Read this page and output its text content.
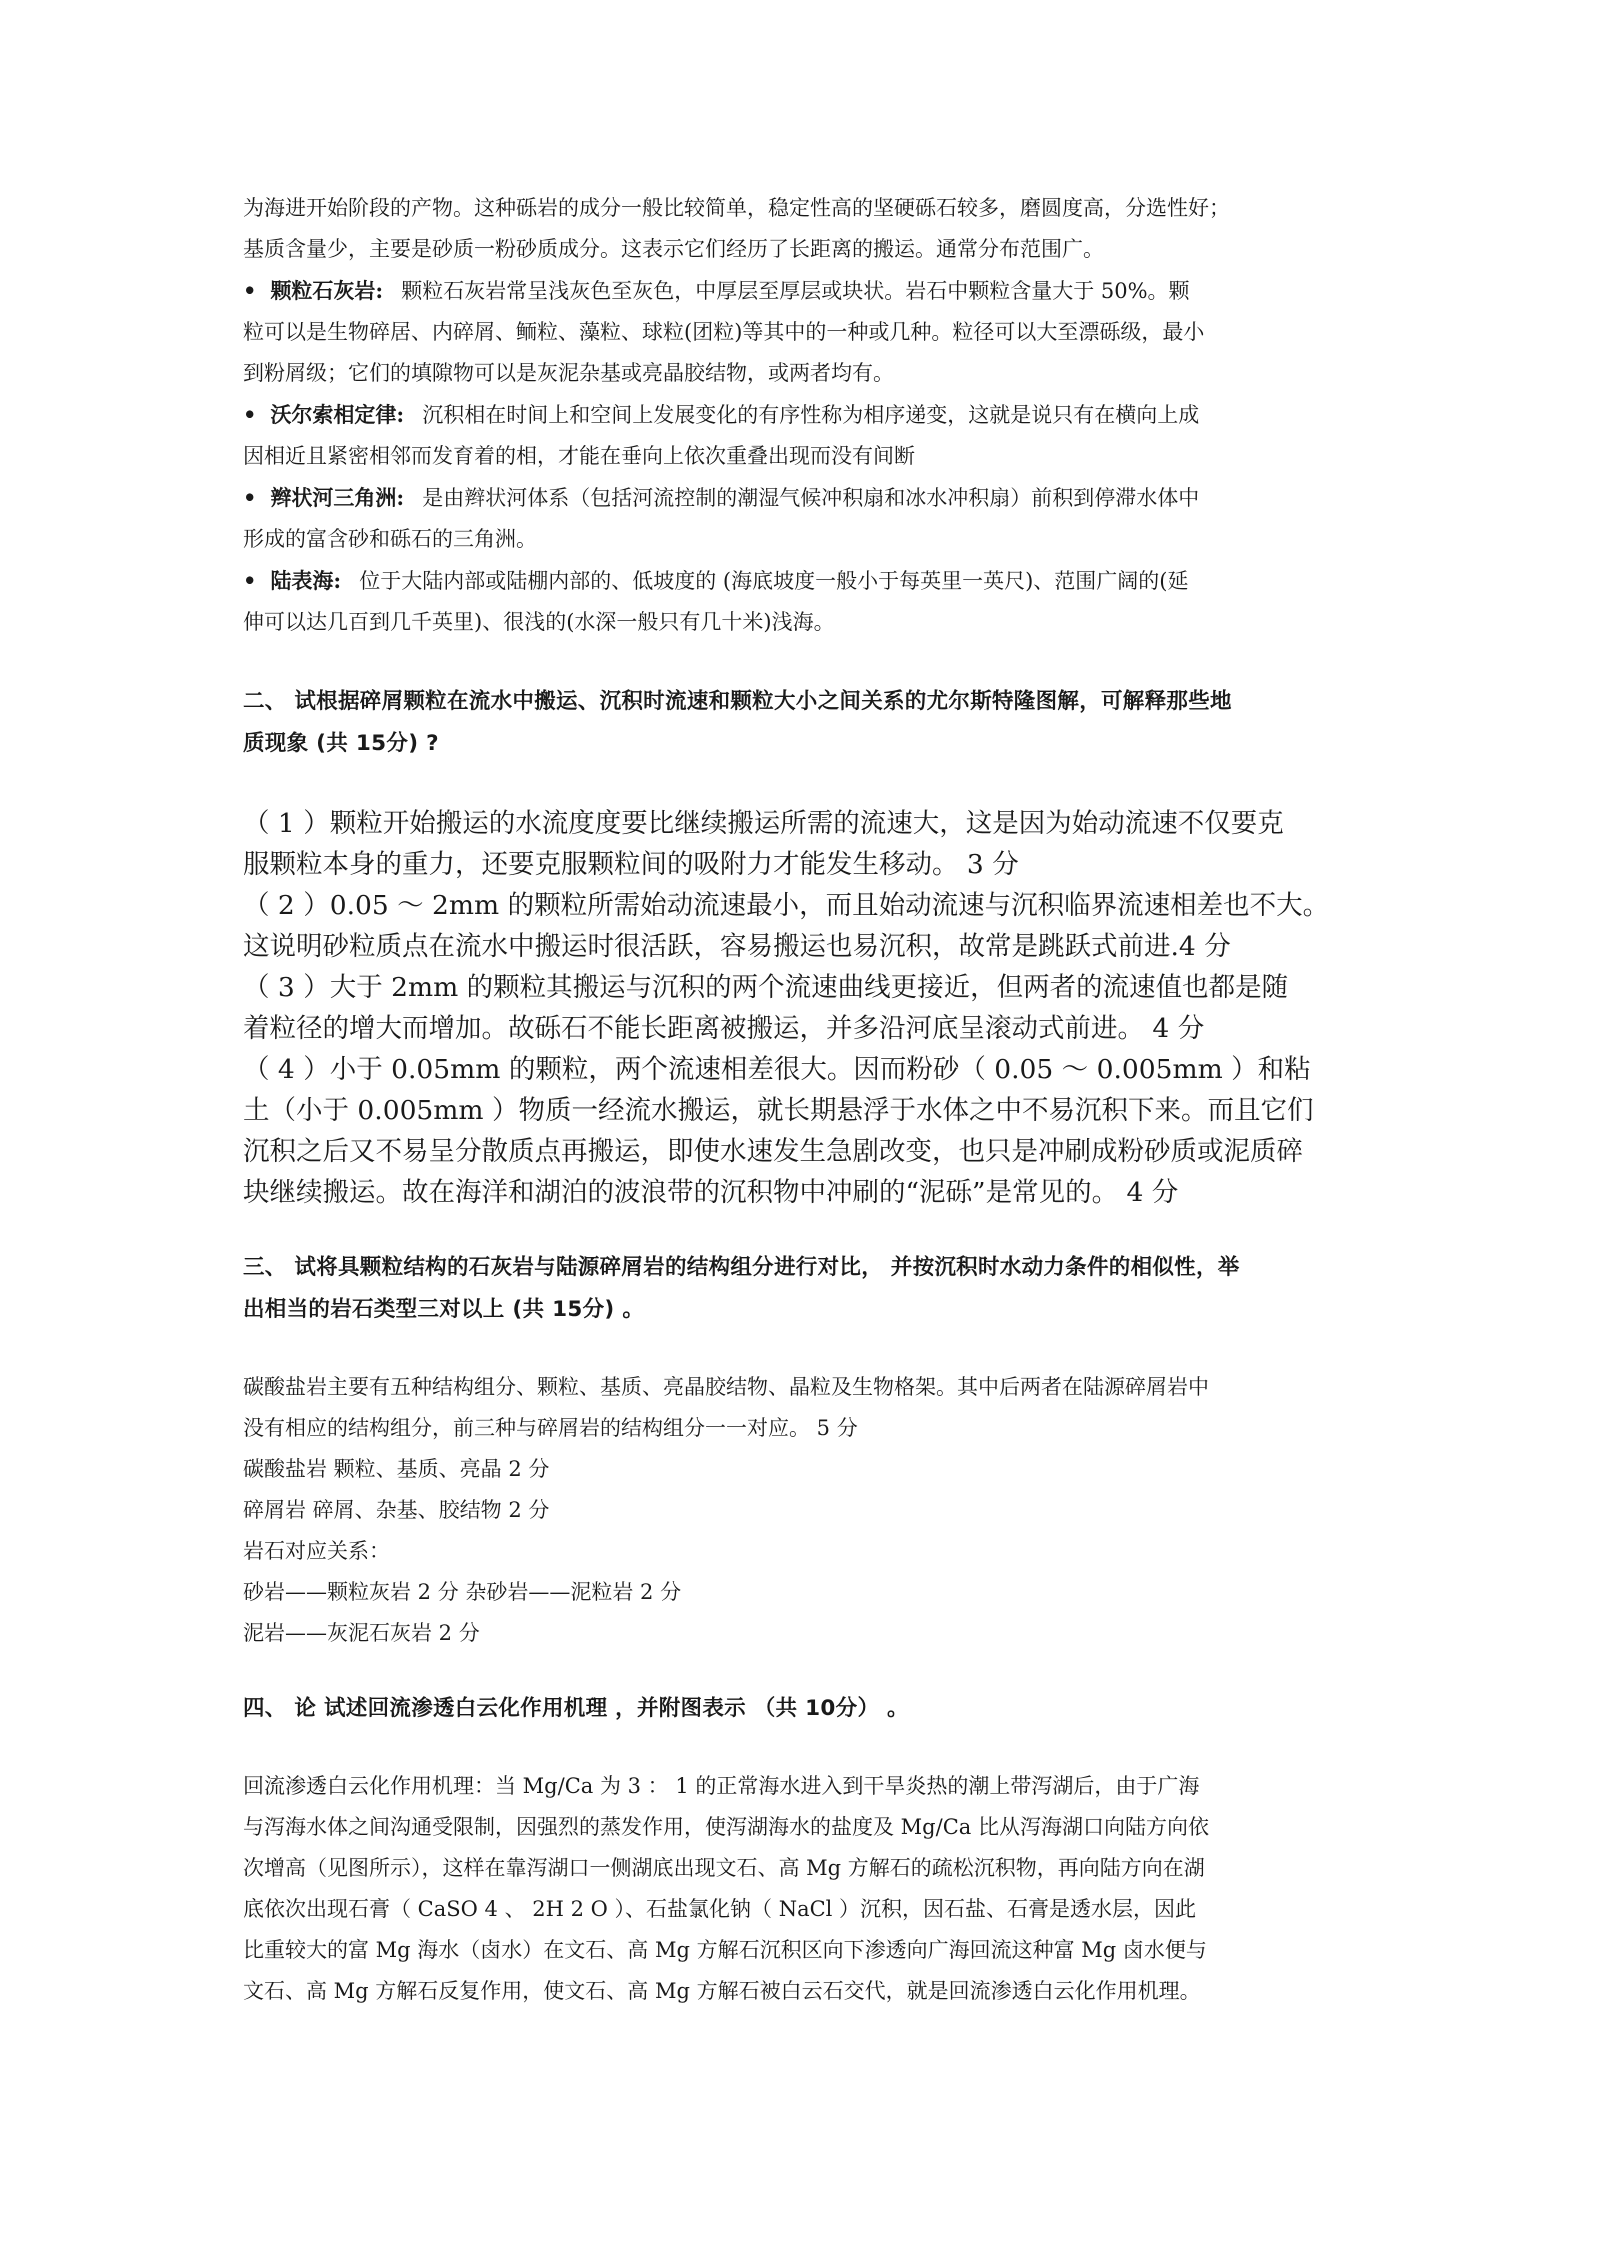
为海进开始阶段的产物。这种砾岩的成分一般比较简单，稳定性高的坚硬砾石较多，磨圆度高，分选性好；

基质含量少，主要是砂质一粉砂质成分。这表示它们经历了长距离的搬运。通常分布范围广。

• 颗粒石灰岩: 颗粒石灰岩常呈浅灰色至灰色，中厚层至厚层或块状。岩石中颗粒含量大于 50%。颗

粒可以是生物碎居、内碎屑、鲕粒、藻粒、球粒(团粒)等其中的一种或几种。粒径可以大至漂砾级，最小

到粉屑级；它们的填隙物可以是灰泥杂基或亮晶胶结物，或两者均有。

• 沃尔索相定律: 沉积相在时间上和空间上发展变化的有序性称为相序递变，这就是说只有在横向上成

因相近且紧密相邻而发育着的相，才能在垂向上依次重叠出现而没有间断

• 辫状河三角洲: 是由辫状河体系（包括河流控制的潮湿气候冲积扇和冰水冲积扇）前积到停滞水体中

形成的富含砂和砾石的三角洲。

• 陆表海: 位于大陆内部或陆棚内部的、低坡度的 (海底坡度一般小于每英里一英尺)、范围广阔的(延

伸可以达几百到几千英里)、很浅的(水深一般只有几十米)浅海。

二、 试根据碎屑颗粒在流水中搬运、沉积时流速和颗粒大小之间关系的尤尔斯特隆图解，可解释那些地

质现象 (共 15分) ?

（ 1 ）颗粒开始搬运的水流度度要比继续搬运所需的流速大，这是因为始动流速不仅要克

服颗粒本身的重力，还要克服颗粒间的吸附力才能发生移动。 3 分

（ 2 ）0.05 ～ 2mm 的颗粒所需始动流速最小，而且始动流速与沉积临界流速相差也不大。

这说明砂粒质点在流水中搬运时很活跃，容易搬运也易沉积，故常是跳跃式前进.4 分

（ 3 ）大于 2mm 的颗粒其搬运与沉积的两个流速曲线更接近，但两者的流速值也都是随

着粒径的增大而增加。故砾石不能长距离被搬运，并多沿河底呈滚动式前进。 4 分

（ 4 ）小于 0.05mm 的颗粒，两个流速相差很大。因而粉砂（ 0.05 ～ 0.005mm ）和粘

土（小于 0.005mm ）物质一经流水搬运，就长期悬浮于水体之中不易沉积下来。而且它们

沉积之后又不易呈分散质点再搬运，即使水速发生急剧改变，也只是冲刷成粉砂质或泥质碎

块继续搬运。故在海洋和湖泊的波浪带的沉积物中冲刷的“泥砾”是常见的。 4 分

三、 试将具颗粒结构的石灰岩与陆源碎屑岩的结构组分进行对比， 并按沉积时水动力条件的相似性，举

出相当的岩石类型三对以上 (共 15分) 。

碳酸盐岩主要有五种结构组分、颗粒、基质、亮晶胶结物、晶粒及生物格架。其中后两者在陆源碎屑岩中

没有相应的结构组分，前三种与碎屑岩的结构组分一一对应。 5 分

碳酸盐岩 颗粒、基质、亮晶 2 分

碎屑岩 碎屑、杂基、胶结物 2 分

岩石对应关系：

砂岩——颗粒灰岩 2 分 杂砂岩——泥粒岩 2 分

泥岩——灰泥石灰岩 2 分

四、 论 试述回流渗透白云化作用机理 ，并附图表示 （共 10分） 。

回流渗透白云化作用机理：当 Mg/Ca 为 3 ： 1 的正常海水进入到干旱炎热的潮上带泻湖后，由于广海

与泻海水体之间沟通受限制，因强烈的蒸发作用，使泻湖海水的盐度及 Mg/Ca 比从泻海湖口向陆方向依

次增高（见图所示），这样在靠泻湖口一侧湖底出现文石、高 Mg 方解石的疏松沉积物，再向陆方向在湖

底依次出现石膏（ CaSO 4 、 2H 2 O ）、石盐氯化钠（ NaCl ）沉积，因石盐、石膏是透水层，因此

比重较大的富 Mg 海水（卤水）在文石、高 Mg 方解石沉积区向下渗透向广海回流这种富 Mg 卤水便与

文石、高 Mg 方解石反复作用，使文石、高 Mg 方解石被白云石交代，就是回流渗透白云化作用机理。
